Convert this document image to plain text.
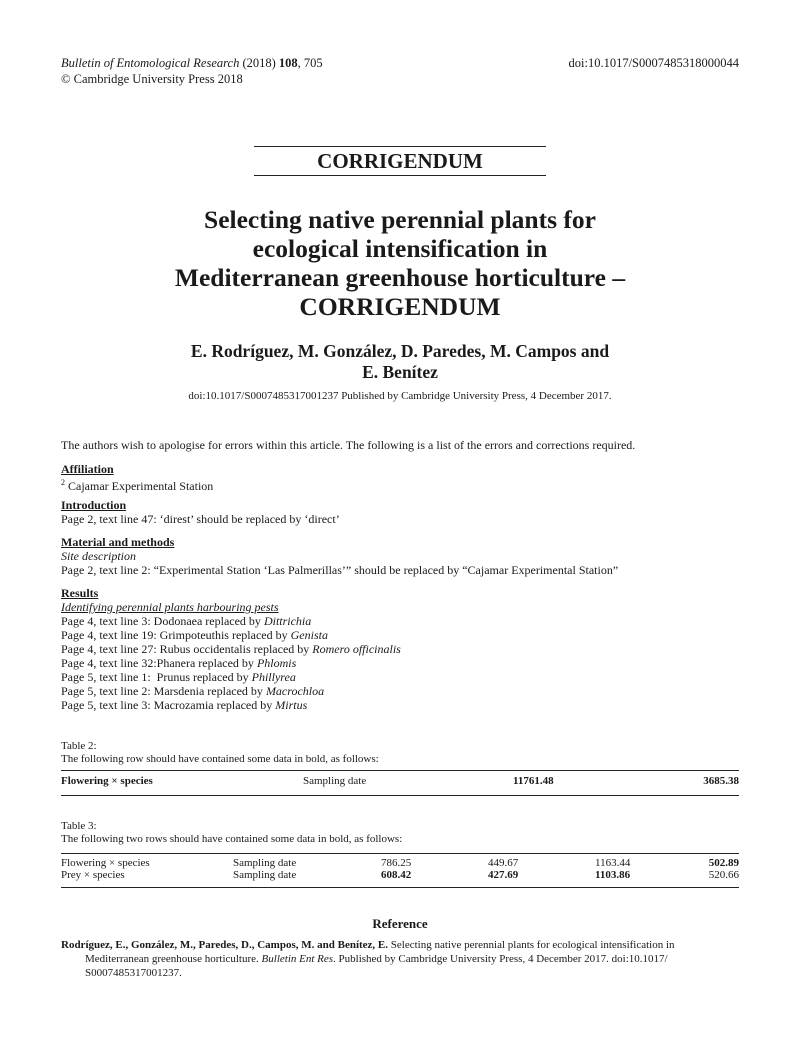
Bulletin of Entomological Research (2018) 108, 705
© Cambridge University Press 2018
doi:10.1017/S0007485318000044
CORRIGENDUM
Selecting native perennial plants for
ecological intensification in
Mediterranean greenhouse horticulture –
CORRIGENDUM
E. Rodríguez, M. González, D. Paredes, M. Campos and
E. Benítez
doi:10.1017/S0007485317001237 Published by Cambridge University Press, 4 December 2017.
The authors wish to apologise for errors within this article. The following is a list of the errors and corrections required.
Affiliation
$^2$ Cajamar Experimental Station
Introduction
Page 2, text line 47: ‘direst’ should be replaced by ‘direct’
Material and methods
Site description
Page 2, text line 2: “Experimental Station ‘Las Palmerillas’” should be replaced by “Cajamar Experimental Station”
Results
Identifying perennial plants harbouring pests
Page 4, text line 3: Dodonaea replaced by Dittrichia
Page 4, text line 19: Grimpoteuthis replaced by Genista
Page 4, text line 27: Rubus occidentalis replaced by Romero officinalis
Page 4, text line 32:Phanera replaced by Phlomis
Page 5, text line 1:  Prunus replaced by Phillyrea
Page 5, text line 2: Marsdenia replaced by Macrochloa
Page 5, text line 3: Macrozamia replaced by Mirtus
Table 2:
The following row should have contained some data in bold, as follows:
Flowering × species	Sampling date	11761.48	3685.38
Table 3:
The following two rows should have contained some data in bold, as follows:
Flowering × species	Sampling date	786.25	449.67	1163.44	502.89
Prey × species	Sampling date	608.42	427.69	1103.86	520.66
Reference
Rodríguez, E., González, M., Paredes, D., Campos, M. and Benítez, E. Selecting native perennial plants for ecological intensification in Mediterranean greenhouse horticulture. Bulletin Ent Res. Published by Cambridge University Press, 4 December 2017. doi:10.1017/ S0007485317001237.
